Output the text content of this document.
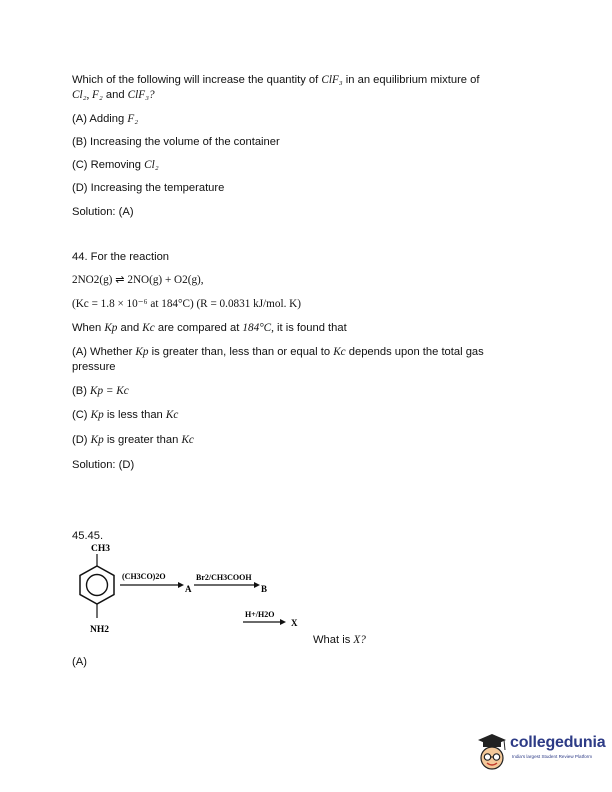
Which of the following will increase the quantity of ClF₃ in an equilibrium mixture of
Cl₂, F₂ and ClF₃?
(A) Adding F₂
(B) Increasing the volume of the container
(C) Removing Cl₂
(D) Increasing the temperature
Solution: (A)
44. For the reaction
2NO2(g) ⇌ 2NO(g) + O2(g),
(Kc = 1.8 × 10⁻⁶ at 184°C) (R = 0.0831 kJ/mol. K)
When Kp and Kc are compared at 184°C, it is found that
(A) Whether Kp is greater than, less than or equal to Kc depends upon the total gas
pressure
(B) Kp = Kc
(C) Kp is less than Kc
(D) Kp is greater than Kc
Solution: (D)
45.45.
CH3
NH2
(CH3CO)2O
A
Br2/CH3COOH
B
H+/H2O
X
What is X?
(A)
collegedunia
India's largest Student Review Platform
